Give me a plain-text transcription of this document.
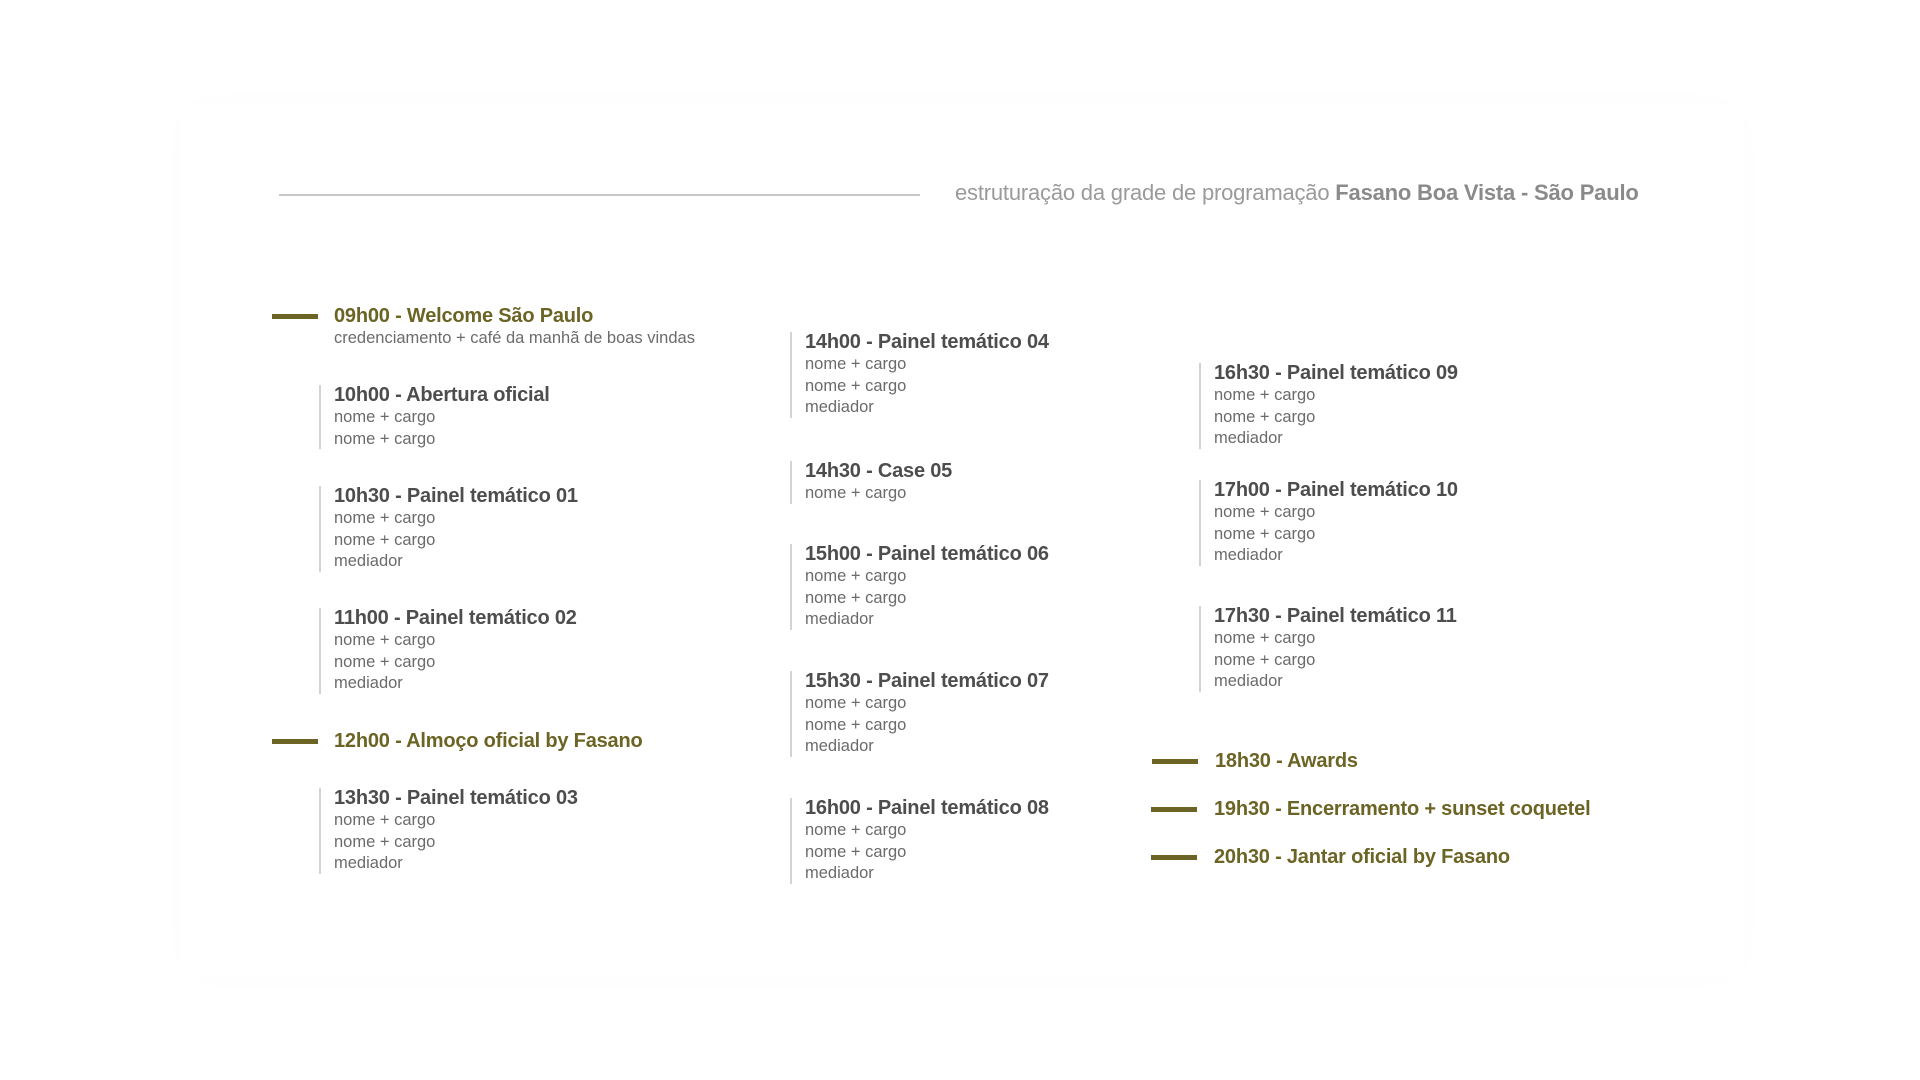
estruturação da grade de programação Fasano Boa Vista - São Paulo
09h00 - Welcome São Paulo
credenciamento + café da manhã de boas vindas
10h00 - Abertura oficial
nome + cargo
nome + cargo
10h30 - Painel temático 01
nome + cargo
nome + cargo
mediador
11h00 - Painel temático 02
nome + cargo
nome + cargo
mediador
12h00 - Almoço oficial by Fasano
13h30 - Painel temático 03
nome + cargo
nome + cargo
mediador
14h00 - Painel temático 04
nome + cargo
nome + cargo
mediador
14h30 - Case 05
nome + cargo
15h00 - Painel temático 06
nome + cargo
nome + cargo
mediador
15h30 - Painel temático 07
nome + cargo
nome + cargo
mediador
16h00 - Painel temático 08
nome + cargo
nome + cargo
mediador
16h30 - Painel temático 09
nome + cargo
nome + cargo
mediador
17h00 - Painel temático 10
nome + cargo
nome + cargo
mediador
17h30 - Painel temático 11
nome + cargo
nome + cargo
mediador
18h30 - Awards
19h30 - Encerramento + sunset coquetel
20h30 - Jantar oficial by Fasano
